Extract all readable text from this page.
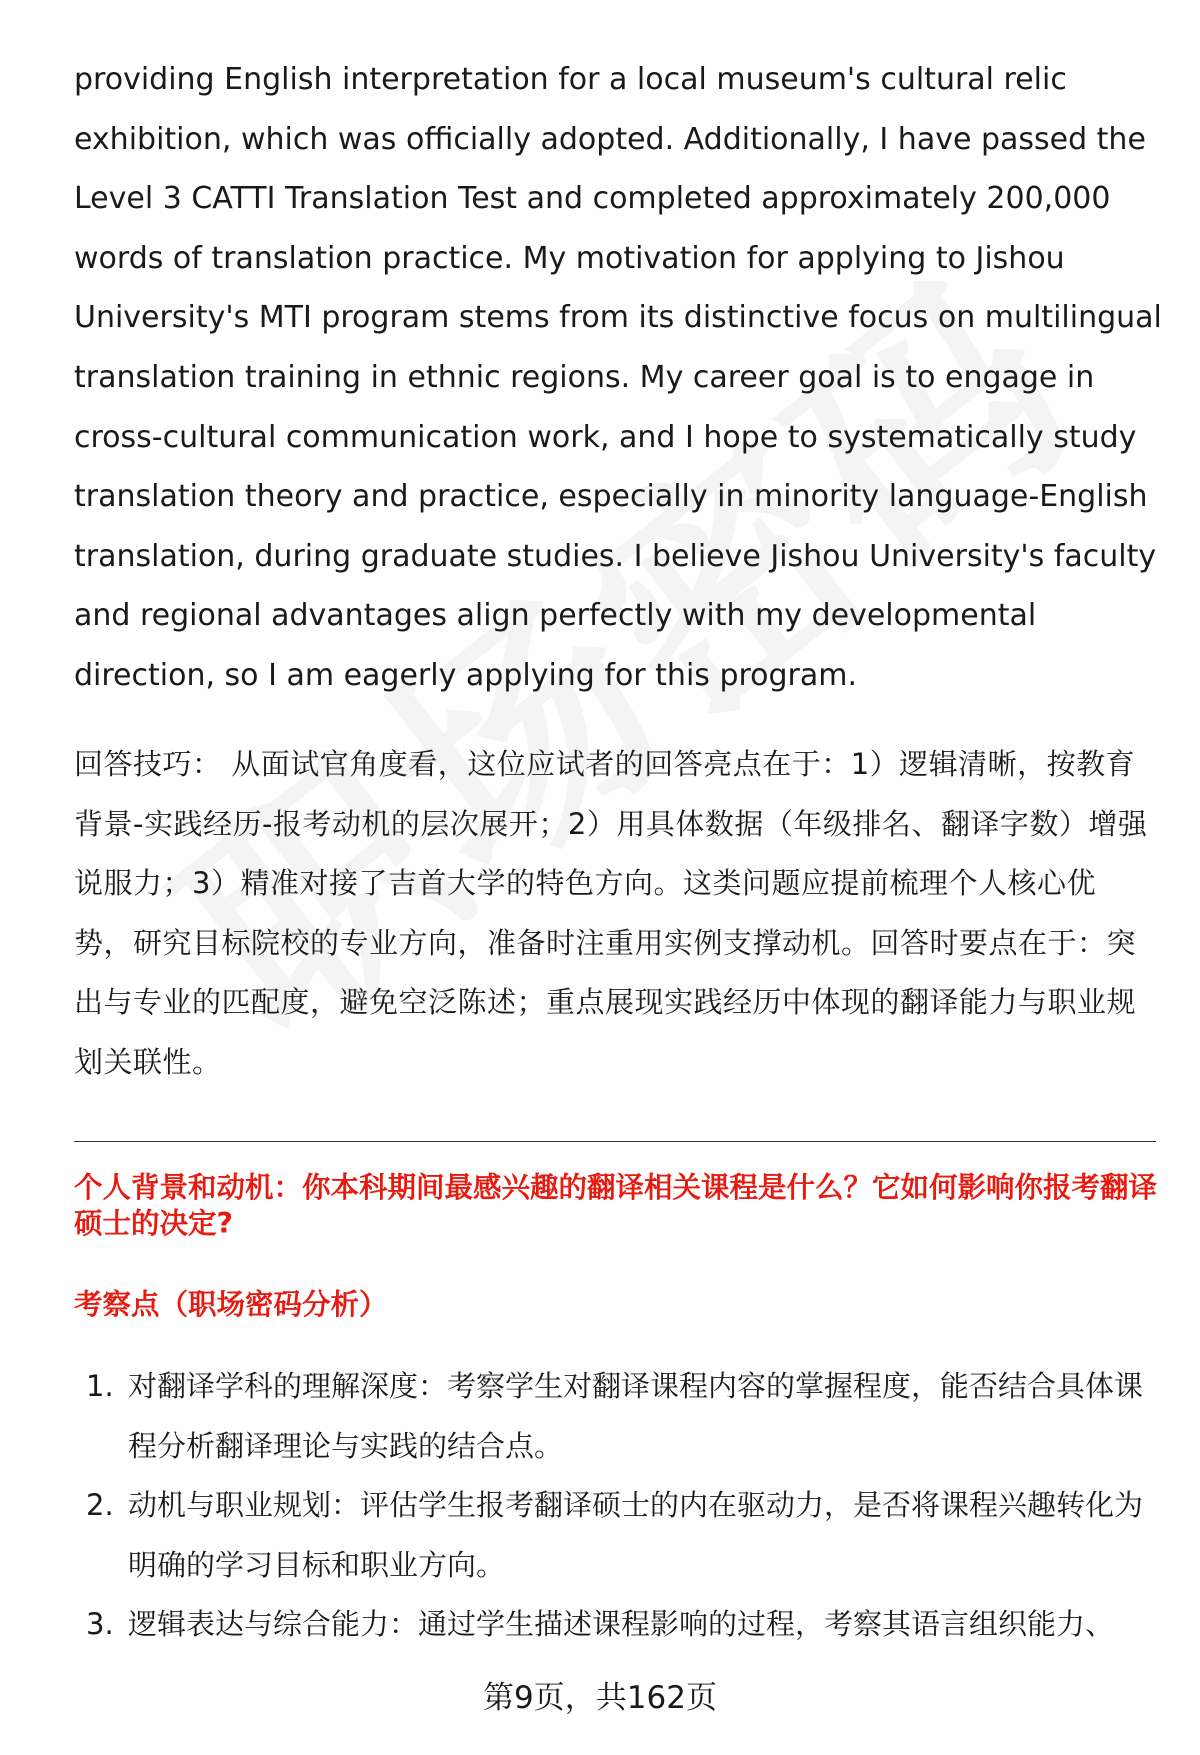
providing English interpretation for a local museum's cultural relic exhibition, which was officially adopted. Additionally, I have passed the Level 3 CATTI Translation Test and completed approximately 200,000 words of translation practice. My motivation for applying to Jishou University's MTI program stems from its distinctive focus on multilingual translation training in ethnic regions. My career goal is to engage in cross-cultural communication work, and I hope to systematically study translation theory and practice, especially in minority language-English translation, during graduate studies. I believe Jishou University's faculty and regional advantages align perfectly with my developmental direction, so I am eagerly applying for this program.

回答技巧： 从面试官角度看，这位应试者的回答亮点在于：1）逻辑清晰，按教育背景-实践经历-报考动机的层次展开；2）用具体数据（年级排名、翻译字数）增强说服力；3）精准对接了吉首大学的特色方向。这类问题应提前梳理个人核心优势，研究目标院校的专业方向，准备时注重用实例支撑动机。回答时要点在于：突出与专业的匹配度，避免空泛陈述；重点展现实践经历中体现的翻译能力与职业规划关联性。

个人背景和动机：你本科期间最感兴趣的翻译相关课程是什么？它如何影响你报考翻译硕士的决定?

考察点（职场密码分析）

1. 对翻译学科的理解深度：考察学生对翻译课程内容的掌握程度，能否结合具体课程分析翻译理论与实践的结合点。
2. 动机与职业规划：评估学生报考翻译硕士的内在驱动力，是否将课程兴趣转化为明确的学习目标和职业方向。
3. 逻辑表达与综合能力：通过学生描述课程影响的过程，考察其语言组织能力、

第9页，共162页
